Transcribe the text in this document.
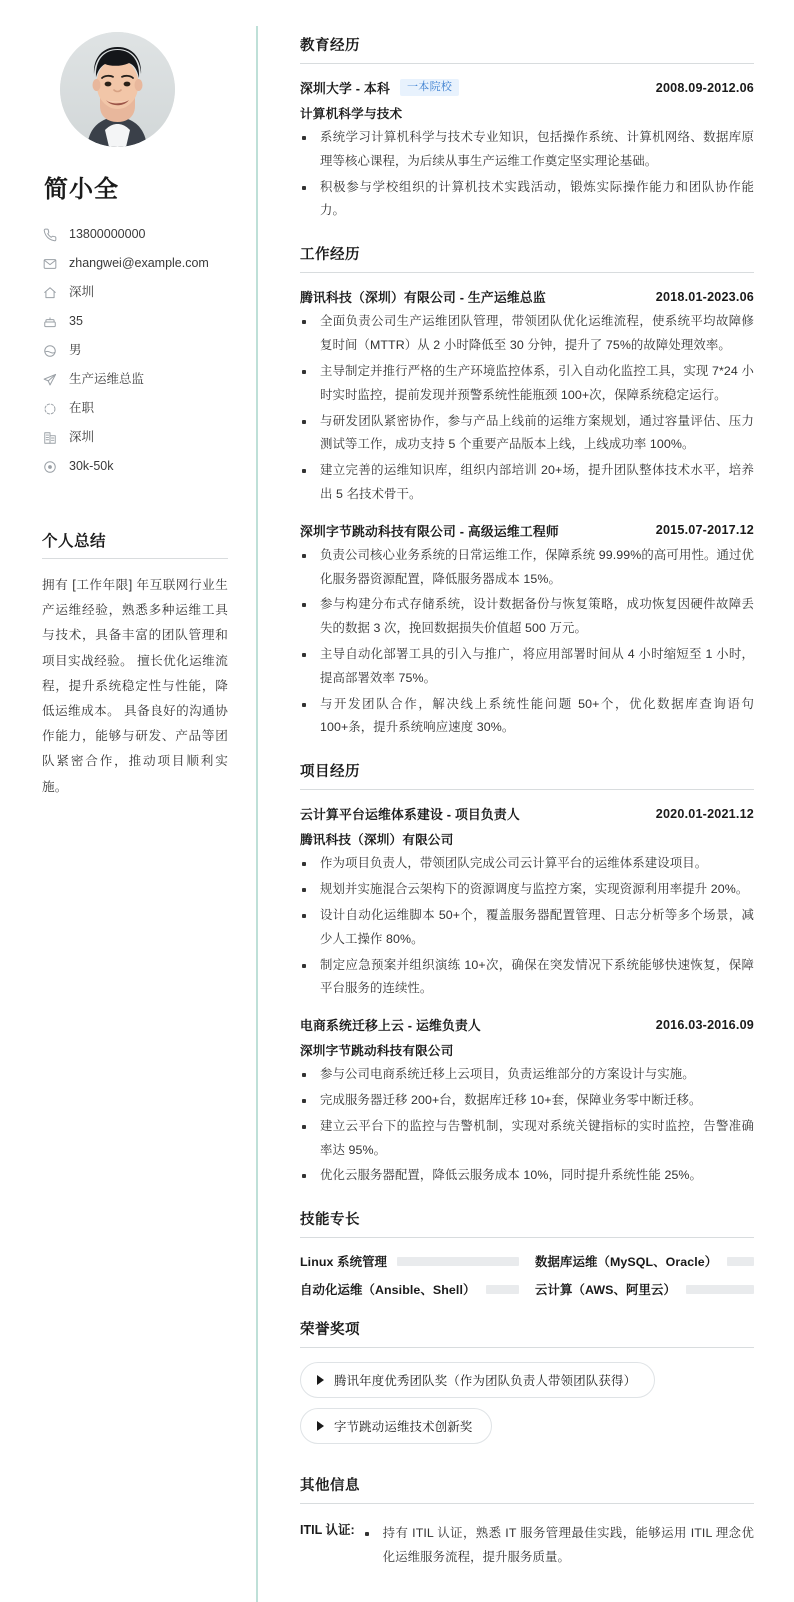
简小全
13800000000
zhangwei@example.com
深圳
35
男
生产运维总监
在职
深圳
30k-50k
个人总结

拥有 [工作年限] 年互联网行业生产运维经验，熟悉多种运维工具与技术，具备丰富的团队管理和项目实战经验。 擅长优化运维流程，提升系统稳定性与性能，降低运维成本。 具备良好的沟通协作能力，能够与研发、产品等团队紧密合作，推动项目顺利实施。

教育经历
深圳大学 - 本科	一本院校	2008.09-2012.06
计算机科学与技术
系统学习计算机科学与技术专业知识，包括操作系统、计算机网络、数据库原理等核心课程，为后续从事生产运维工作奠定坚实理论基础。
积极参与学校组织的计算机技术实践活动，锻炼实际操作能力和团队协作能力。
工作经历
腾讯科技（深圳）有限公司 - 生产运维总监	2018.01-2023.06
全面负责公司生产运维团队管理，带领团队优化运维流程，使系统平均故障修复时间（MTTR）从 2 小时降低至 30 分钟，提升了 75%的故障处理效率。
主导制定并推行严格的生产环境监控体系，引入自动化监控工具，实现 7*24 小时实时监控，提前发现并预警系统性能瓶颈 100+次，保障系统稳定运行。
与研发团队紧密协作，参与产品上线前的运维方案规划，通过容量评估、压力测试等工作，成功支持 5 个重要产品版本上线，上线成功率 100%。
建立完善的运维知识库，组织内部培训 20+场，提升团队整体技术水平，培养出 5 名技术骨干。
深圳字节跳动科技有限公司 - 高级运维工程师	2015.07-2017.12
负责公司核心业务系统的日常运维工作，保障系统 99.99%的高可用性。通过优化服务器资源配置，降低服务器成本 15%。
参与构建分布式存储系统，设计数据备份与恢复策略，成功恢复因硬件故障丢失的数据 3 次，挽回数据损失价值超 500 万元。
主导自动化部署工具的引入与推广，将应用部署时间从 4 小时缩短至 1 小时，提高部署效率 75%。
与开发团队合作，解决线上系统性能问题 50+个，优化数据库查询语句 100+条，提升系统响应速度 30%。
项目经历
云计算平台运维体系建设 - 项目负责人	2020.01-2021.12
腾讯科技（深圳）有限公司
作为项目负责人，带领团队完成公司云计算平台的运维体系建设项目。
规划并实施混合云架构下的资源调度与监控方案，实现资源利用率提升 20%。
设计自动化运维脚本 50+个，覆盖服务器配置管理、日志分析等多个场景，减少人工操作 80%。
制定应急预案并组织演练 10+次，确保在突发情况下系统能够快速恢复，保障平台服务的连续性。
电商系统迁移上云 - 运维负责人	2016.03-2016.09
深圳字节跳动科技有限公司
参与公司电商系统迁移上云项目，负责运维部分的方案设计与实施。
完成服务器迁移 200+台，数据库迁移 10+套，保障业务零中断迁移。
建立云平台下的监控与告警机制，实现对系统关键指标的实时监控，告警准确率达 95%。
优化云服务器配置，降低云服务成本 10%，同时提升系统性能 25%。
技能专长
Linux 系统管理	数据库运维（MySQL、Oracle）
自动化运维（Ansible、Shell）	云计算（AWS、阿里云）
荣誉奖项
腾讯年度优秀团队奖（作为团队负责人带领团队获得）
字节跳动运维技术创新奖
其他信息
ITIL 认证:	持有 ITIL 认证，熟悉 IT 服务管理最佳实践，能够运用 ITIL 理念优化运维服务流程，提升服务质量。
